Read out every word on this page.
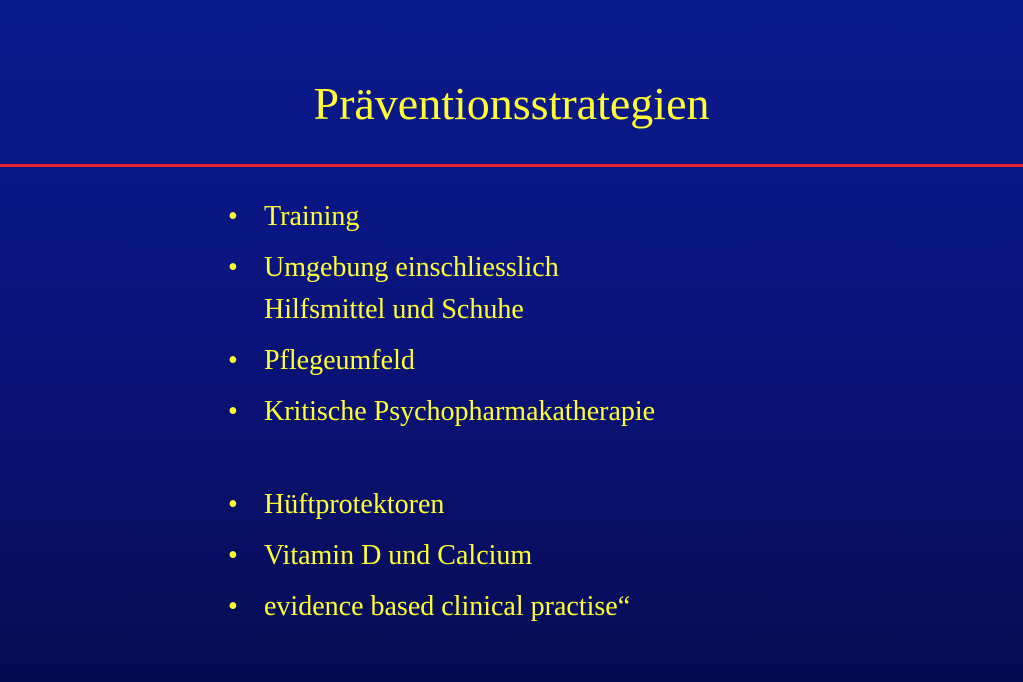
Präventionsstrategien
• Training
• Umgebung einschliesslich
Hilfsmittel und Schuhe
• Pflegeumfeld
• Kritische Psychopharmakatherapie
• Hüftprotektoren
• Vitamin D und Calcium
• evidence based clinical practise“
